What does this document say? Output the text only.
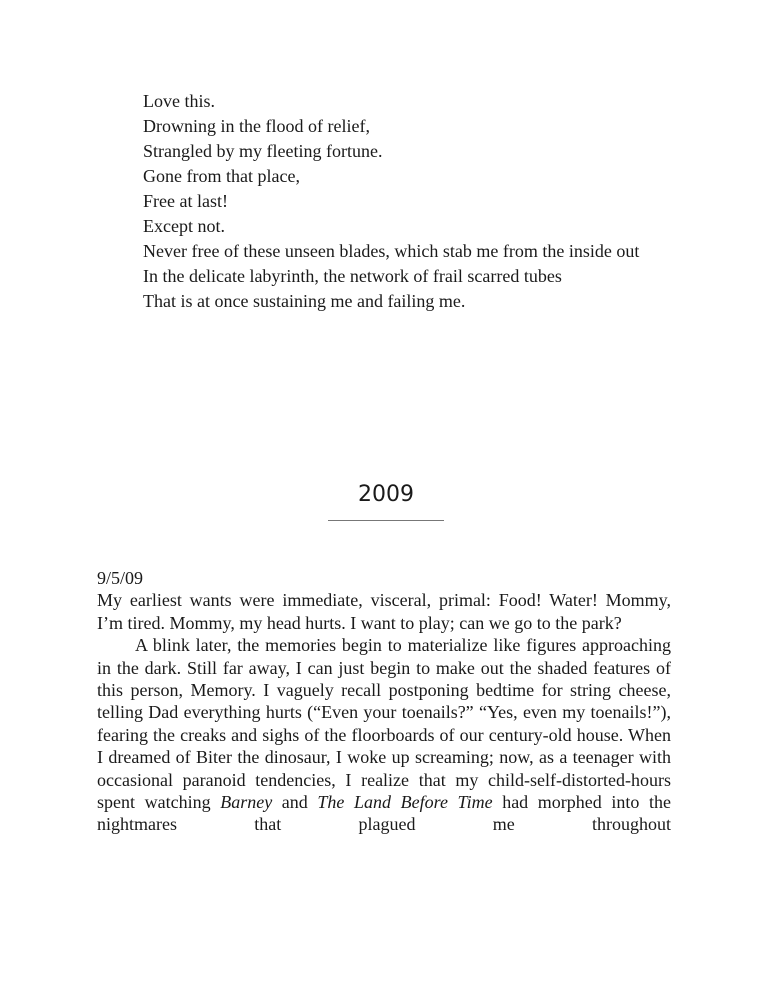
Love this.
Drowning in the flood of relief,
Strangled by my fleeting fortune.
Gone from that place,
Free at last!
Except not.
Never free of these unseen blades, which stab me from the inside out
In the delicate labyrinth, the network of frail scarred tubes
That is at once sustaining me and failing me.
2009
9/5/09

My earliest wants were immediate, visceral, primal: Food! Water! Mommy, I’m tired. Mommy, my head hurts. I want to play; can we go to the park?

A blink later, the memories begin to materialize like figures approaching in the dark. Still far away, I can just begin to make out the shaded features of this person, Memory. I vaguely recall postponing bedtime for string cheese, telling Dad everything hurts (“Even your toenails?” “Yes, even my toenails!”), fearing the creaks and sighs of the floorboards of our century-old house. When I dreamed of Biter the dinosaur, I woke up screaming; now, as a teenager with occasional paranoid tendencies, I realize that my child-self-distorted-hours spent watching Barney and The Land Before Time had morphed into the nightmares that plagued me throughout
